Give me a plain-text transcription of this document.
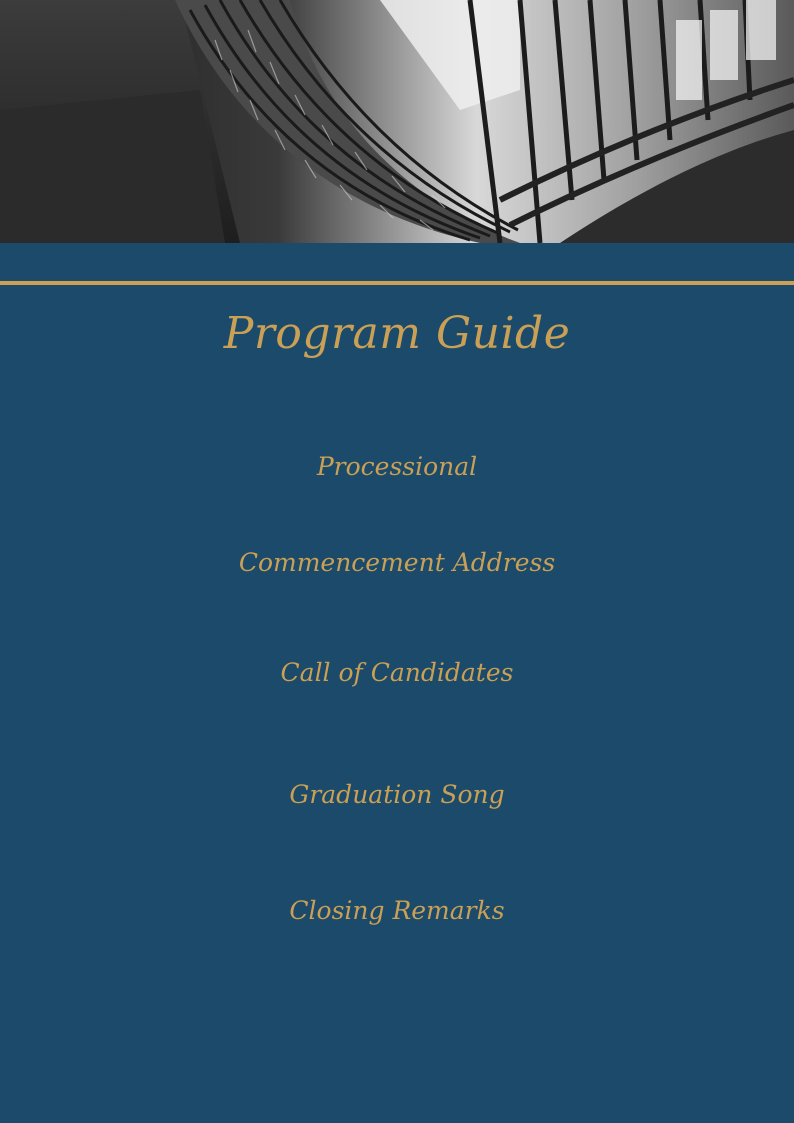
Program Guide
Processional
Commencement Address
Call of Candidates
Graduation Song
Closing Remarks
